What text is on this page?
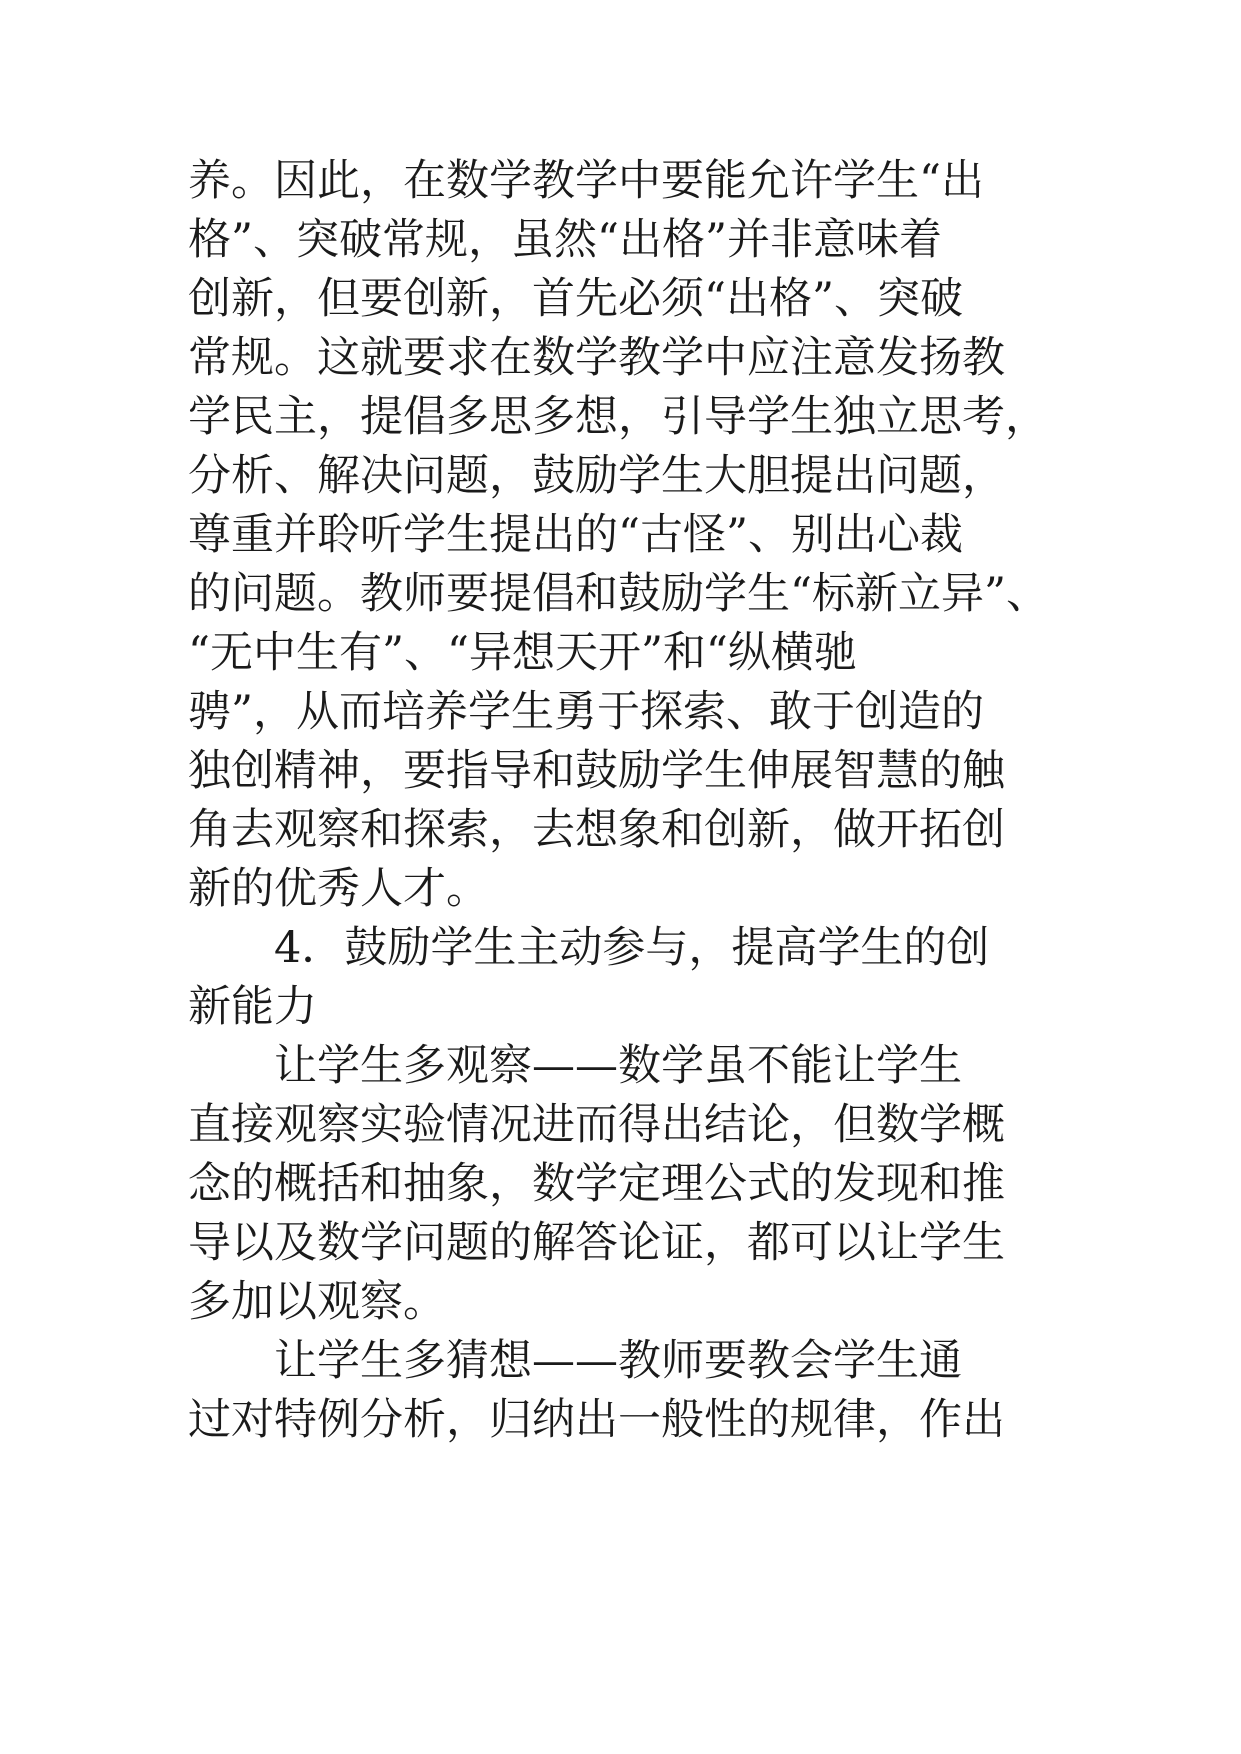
养。因此，在数学教学中要能允许学生“出
格”、突破常规，虽然“出格”并非意味着
创新，但要创新，首先必须“出格”、突破
常规。这就要求在数学教学中应注意发扬教
学民主，提倡多思多想，引导学生独立思考，
分析、解决问题，鼓励学生大胆提出问题，
尊重并聆听学生提出的“古怪”、别出心裁
的问题。教师要提倡和鼓励学生“标新立异”、
“无中生有”、“异想天开”和“纵横驰
骋”，从而培养学生勇于探索、敢于创造的
独创精神，要指导和鼓励学生伸展智慧的触
角去观察和探索，去想象和创新，做开拓创
新的优秀人才。
4．鼓励学生主动参与，提高学生的创
新能力
让学生多观察——数学虽不能让学生
直接观察实验情况进而得出结论，但数学概
念的概括和抽象，数学定理公式的发现和推
导以及数学问题的解答论证，都可以让学生
多加以观察。
让学生多猜想——教师要教会学生通
过对特例分析，归纳出一般性的规律，作出
